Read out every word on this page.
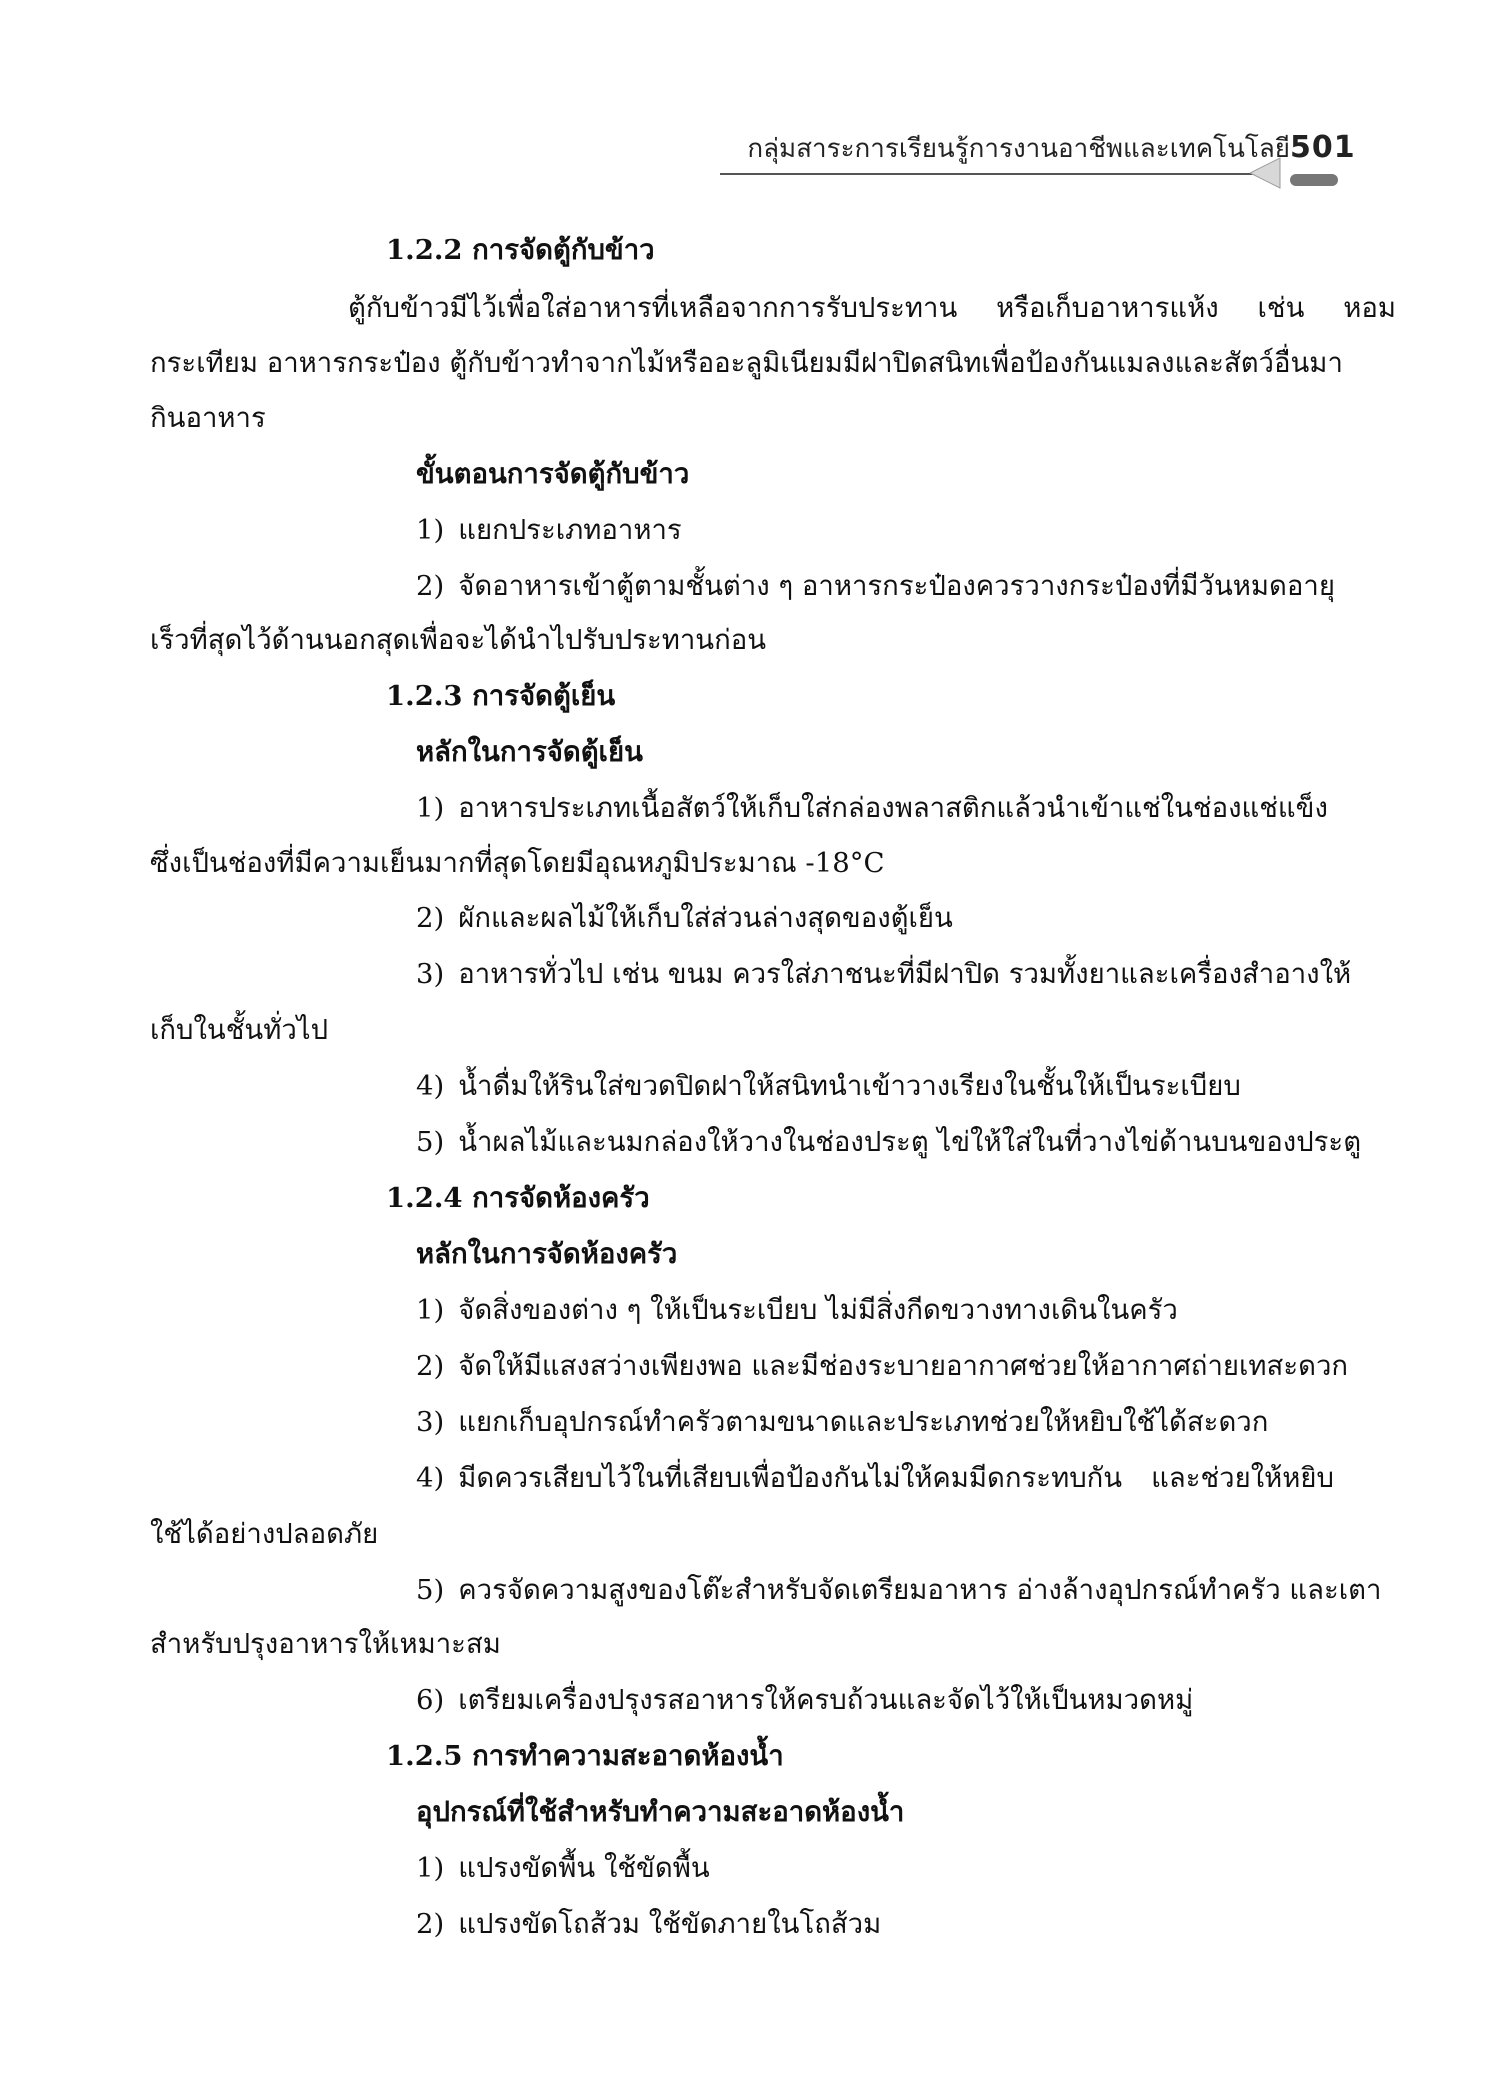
กลุ่มสาระการเรียนรู้การงานอาชีพและเทคโนโลยี 501
1.2.2 การจัดตู้กับข้าว
ตู้กับข้าวมีไว้เพื่อใส่อาหารที่เหลือจากการรับประทาน หรือเก็บอาหารแห้ง เช่น หอม
กระเทียม อาหารกระป๋อง ตู้กับข้าวทำจากไม้หรืออะลูมิเนียมมีฝาปิดสนิทเพื่อป้องกันแมลงและสัตว์อื่นมา
กินอาหาร
ขั้นตอนการจัดตู้กับข้าว
1) แยกประเภทอาหาร
2) จัดอาหารเข้าตู้ตามชั้นต่าง ๆ อาหารกระป๋องควรวางกระป๋องที่มีวันหมดอายุ
เร็วที่สุดไว้ด้านนอกสุดเพื่อจะได้นำไปรับประทานก่อน
1.2.3 การจัดตู้เย็น
หลักในการจัดตู้เย็น
1) อาหารประเภทเนื้อสัตว์ให้เก็บใส่กล่องพลาสติกแล้วนำเข้าแช่ในช่องแช่แข็ง
ซึ่งเป็นช่องที่มีความเย็นมากที่สุดโดยมีอุณหภูมิประมาณ -18°C
2) ผักและผลไม้ให้เก็บใส่ส่วนล่างสุดของตู้เย็น
3) อาหารทั่วไป เช่น ขนม ควรใส่ภาชนะที่มีฝาปิด รวมทั้งยาและเครื่องสำอางให้
เก็บในชั้นทั่วไป
4) น้ำดื่มให้รินใส่ขวดปิดฝาให้สนิทนำเข้าวางเรียงในชั้นให้เป็นระเบียบ
5) น้ำผลไม้และนมกล่องให้วางในช่องประตู ไข่ให้ใส่ในที่วางไข่ด้านบนของประตู
1.2.4 การจัดห้องครัว
หลักในการจัดห้องครัว
1) จัดสิ่งของต่าง ๆ ให้เป็นระเบียบ ไม่มีสิ่งกีดขวางทางเดินในครัว
2) จัดให้มีแสงสว่างเพียงพอ และมีช่องระบายอากาศช่วยให้อากาศถ่ายเทสะดวก
3) แยกเก็บอุปกรณ์ทำครัวตามขนาดและประเภทช่วยให้หยิบใช้ได้สะดวก
4) มีดควรเสียบไว้ในที่เสียบเพื่อป้องกันไม่ให้คมมีดกระทบกัน และช่วยให้หยิบ
ใช้ได้อย่างปลอดภัย
5) ควรจัดความสูงของโต๊ะสำหรับจัดเตรียมอาหาร อ่างล้างอุปกรณ์ทำครัว และเตา
สำหรับปรุงอาหารให้เหมาะสม
6) เตรียมเครื่องปรุงรสอาหารให้ครบถ้วนและจัดไว้ให้เป็นหมวดหมู่
1.2.5 การทำความสะอาดห้องน้ำ
อุปกรณ์ที่ใช้สำหรับทำความสะอาดห้องน้ำ
1) แปรงขัดพื้น ใช้ขัดพื้น
2) แปรงขัดโถส้วม ใช้ขัดภายในโถส้วม
